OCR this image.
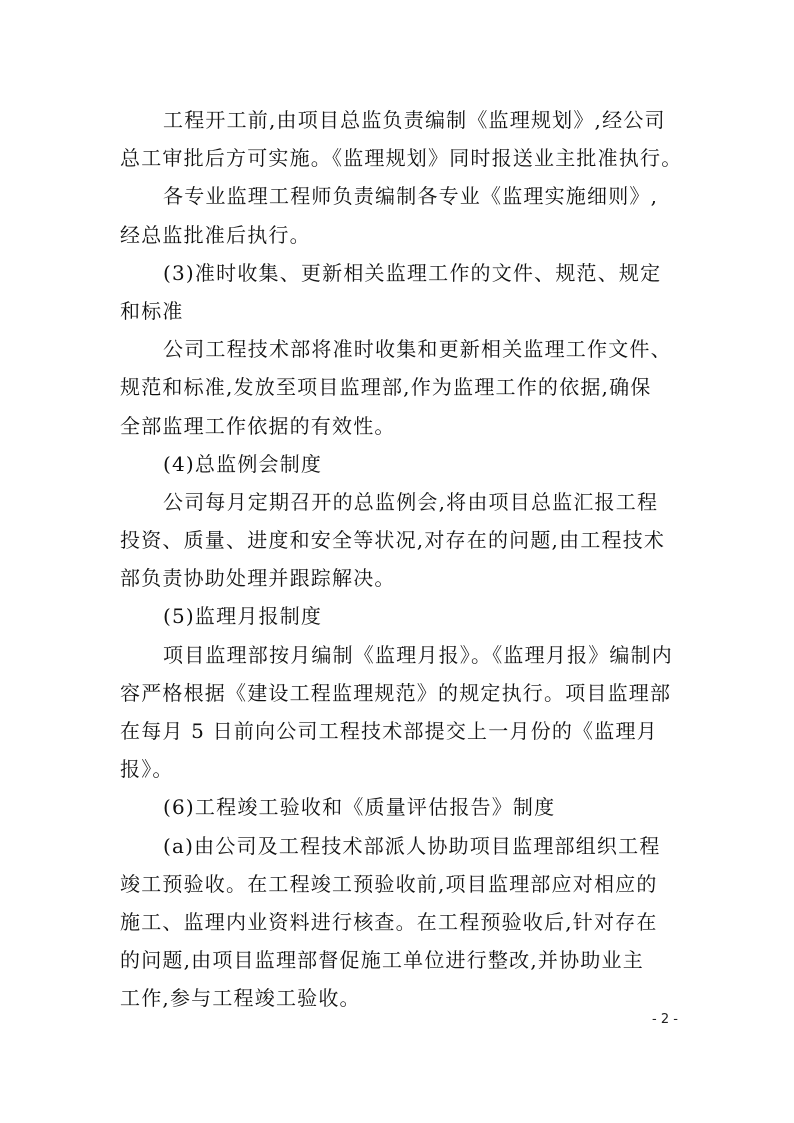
工程开工前,由项目总监负责编制《监理规划》,经公司
总工审批后方可实施。《监理规划》同时报送业主批准执行。
各专业监理工程师负责编制各专业《监理实施细则》,
经总监批准后执行。
(3)准时收集、更新相关监理工作的文件、规范、规定
和标准
公司工程技术部将准时收集和更新相关监理工作文件、
规范和标准,发放至项目监理部,作为监理工作的依据,确保
全部监理工作依据的有效性。
(4)总监例会制度
公司每月定期召开的总监例会,将由项目总监汇报工程
投资、质量、进度和安全等状况,对存在的问题,由工程技术
部负责协助处理并跟踪解决。
(5)监理月报制度
项目监理部按月编制《监理月报》。《监理月报》编制内
容严格根据《建设工程监理规范》的规定执行。项目监理部
在每月 5 日前向公司工程技术部提交上一月份的《监理月
报》。
(6)工程竣工验收和《质量评估报告》制度
(a)由公司及工程技术部派人协助项目监理部组织工程
竣工预验收。在工程竣工预验收前,项目监理部应对相应的
施工、监理内业资料进行核查。在工程预验收后,针对存在
的问题,由项目监理部督促施工单位进行整改,并协助业主
工作,参与工程竣工验收。
- 2 -
